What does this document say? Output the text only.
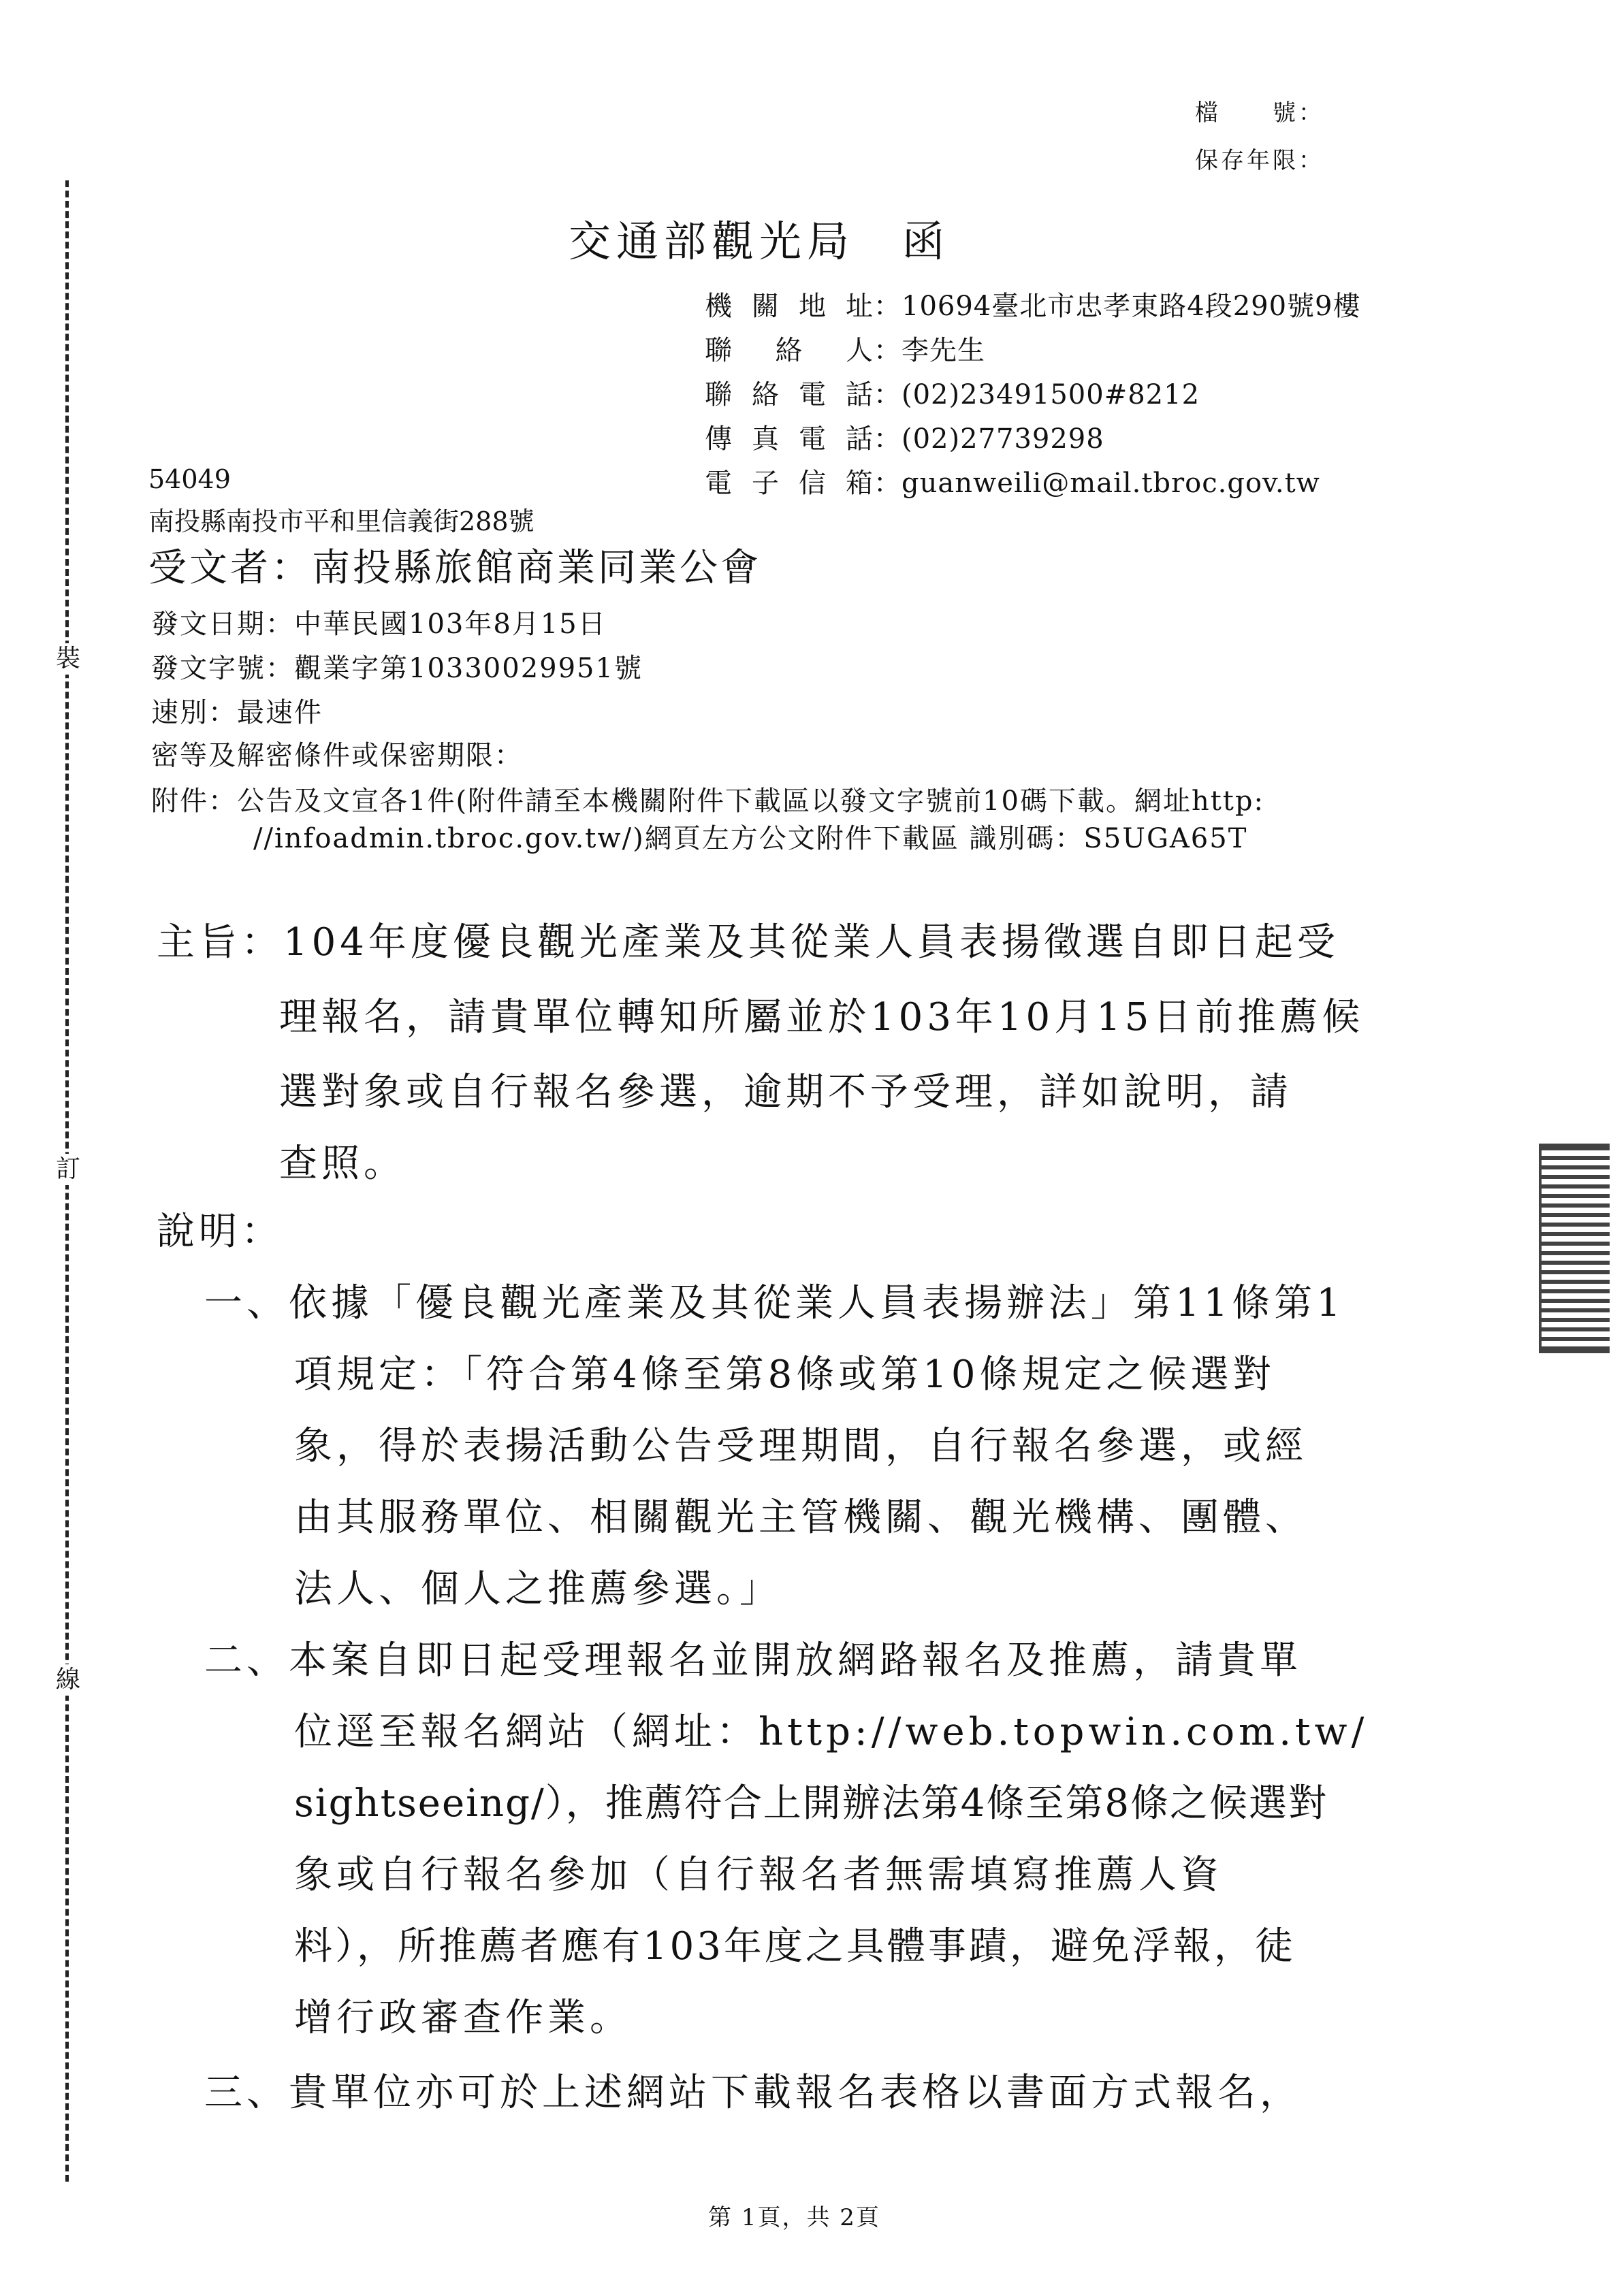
裝
訂
線
檔　　號：
保存年限：
交通部觀光局　函
機關地址：10694臺北市忠孝東路4段290號9樓
聯絡人：李先生
聯絡電話：(02)23491500#8212
傳真電話：(02)27739298
電子信箱：guanweili@mail.tbroc.gov.tw
54049
南投縣南投市平和里信義街288號
受文者：南投縣旅館商業同業公會
發文日期：中華民國103年8月15日
發文字號：觀業字第10330029951號
速別：最速件
密等及解密條件或保密期限：
附件：公告及文宣各1件(附件請至本機關附件下載區以發文字號前10碼下載。網址http:
//infoadmin.tbroc.gov.tw/)網頁左方公文附件下載區 識別碼：S5UGA65T
主旨：104年度優良觀光產業及其從業人員表揚徵選自即日起受
理報名，請貴單位轉知所屬並於103年10月15日前推薦候
選對象或自行報名參選，逾期不予受理，詳如說明，請
查照。
說明：
一、依據「優良觀光產業及其從業人員表揚辦法」第11條第1
項規定：「符合第4條至第8條或第10條規定之候選對
象，得於表揚活動公告受理期間，自行報名參選，或經
由其服務單位、相關觀光主管機關、觀光機構、團體、
法人、個人之推薦參選。」
二、本案自即日起受理報名並開放網路報名及推薦，請貴單
位逕至報名網站（網址：http://web.topwin.com.tw/
sightseeing/），推薦符合上開辦法第4條至第8條之候選對
象或自行報名參加（自行報名者無需填寫推薦人資
料），所推薦者應有103年度之具體事蹟，避免浮報，徒
增行政審查作業。
三、貴單位亦可於上述網站下載報名表格以書面方式報名，
第 1頁，共 2頁
